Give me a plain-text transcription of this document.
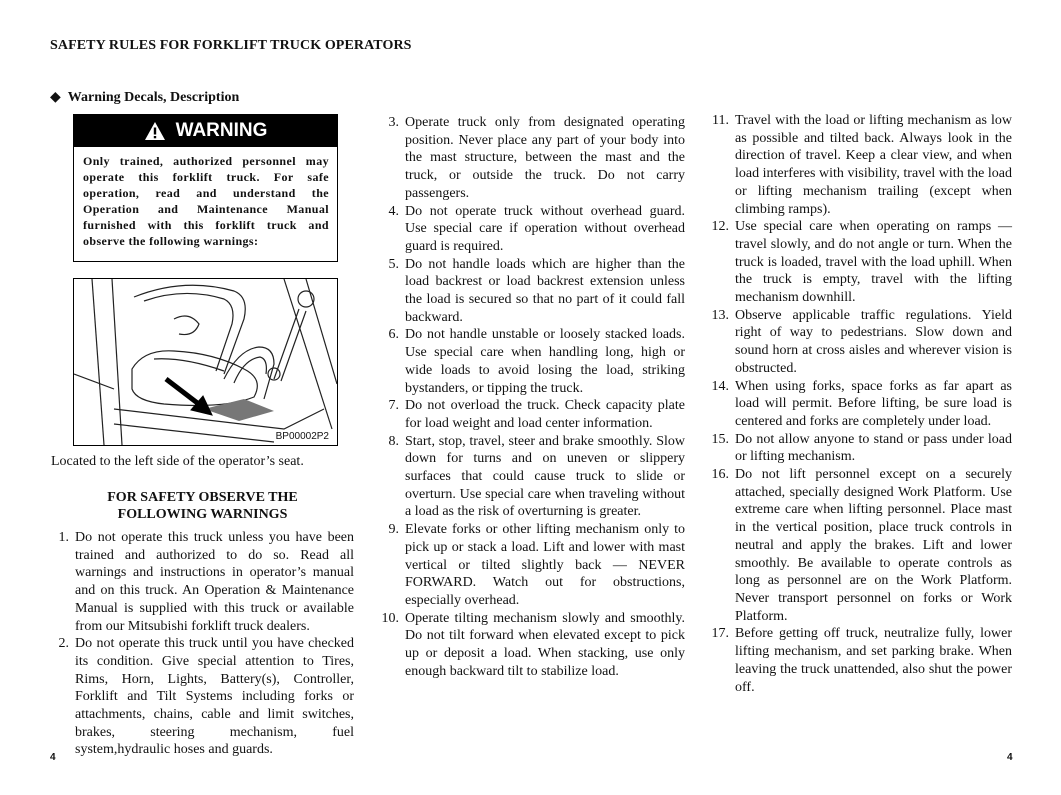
SAFETY RULES FOR FORKLIFT TRUCK OPERATORS
◆ Warning Decals, Description
WARNING
Only trained, authorized personnel may operate this forklift truck. For safe operation, read and understand the Operation and Maintenance Manual furnished with this forklift truck and observe the following warnings:
BP00002P2
Located to the left side of the operator’s seat.
FOR SAFETY OBSERVE THE
FOLLOWING WARNINGS
1. Do not operate this truck unless you have been trained and authorized to do so. Read all warnings and instructions in operator’s manual and on this truck. An Operation & Maintenance Manual is supplied with this truck or available from our Mitsubishi forklift truck dealers.
2. Do not operate this truck until you have checked its condition. Give special attention to Tires, Rims, Horn, Lights, Battery(s), Controller, Forklift and Tilt Systems including forks or attachments, chains, cable and limit switches, brakes, steering mechanism, fuel system,hydraulic hoses and guards.
3. Operate truck only from designated operating position. Never place any part of your body into the mast structure, between the mast and the truck, or outside the truck. Do not carry passengers.
4. Do not operate truck without overhead guard. Use special care if operation without overhead guard is required.
5. Do not handle loads which are higher than the load backrest or load backrest extension unless the load is secured so that no part of it could fall backward.
6. Do not handle unstable or loosely stacked loads. Use special care when handling long, high or wide loads to avoid losing the load, striking bystanders, or tipping the truck.
7. Do not overload the truck. Check capacity plate for load weight and load center information.
8. Start, stop, travel, steer and brake smoothly. Slow down for turns and on uneven or slippery surfaces that could cause truck to slide or overturn. Use special care when traveling without a load as the risk of overturning is greater.
9. Elevate forks or other lifting mechanism only to pick up or stack a load. Lift and lower with mast vertical or tilted slightly back — NEVER FORWARD. Watch out for obstructions, especially overhead.
10. Operate tilting mechanism slowly and smoothly. Do not tilt forward when elevated except to pick up or deposit a load. When stacking, use only enough backward tilt to stabilize load.
11. Travel with the load or lifting mechanism as low as possible and tilted back. Always look in the direction of travel. Keep a clear view, and when load interferes with visibility, travel with the load or lifting mechanism trailing (except when climbing ramps).
12. Use special care when operating on ramps — travel slowly, and do not angle or turn. When the truck is loaded, travel with the load uphill. When the truck is empty, travel with the lifting mechanism downhill.
13. Observe applicable traffic regulations. Yield right of way to pedestrians. Slow down and sound horn at cross aisles and wherever vision is obstructed.
14. When using forks, space forks as far apart as load will permit. Before lifting, be sure load is centered and forks are completely under load.
15. Do not allow anyone to stand or pass under load or lifting mechanism.
16. Do not lift personnel except on a securely attached, specially designed Work Platform. Use extreme care when lifting personnel. Place mast in the vertical position, place truck controls in neutral and apply the brakes. Lift and lower smoothly. Be available to operate controls as long as personnel are on the Work Platform. Never transport personnel on forks or Work Platform.
17. Before getting off truck, neutralize fully, lower lifting mechanism, and set parking brake. When leaving the truck unattended, also shut the power off.
4	4
